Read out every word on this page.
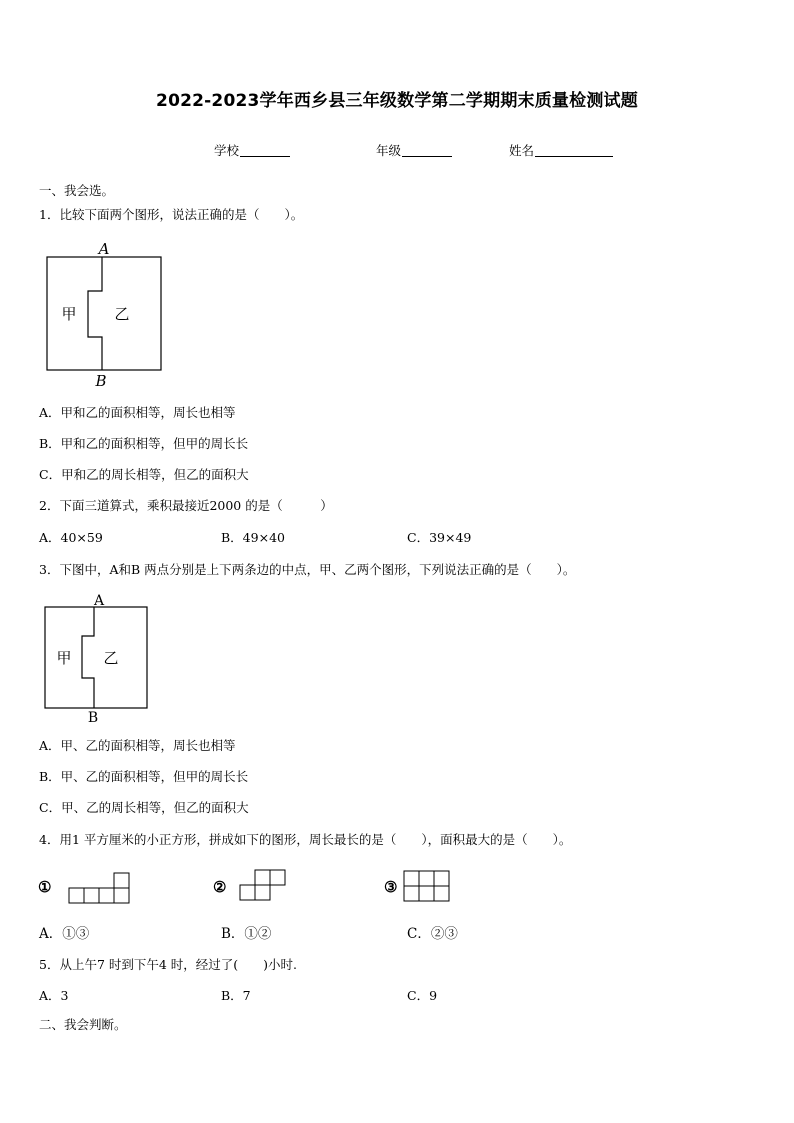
2022-2023学年西乡县三年级数学第二学期期末质量检测试题
学校	年级	姓名
一、我会选。
1．比较下面两个图形，说法正确的是（　　）。
A
B
甲	乙
A．甲和乙的面积相等，周长也相等
B．甲和乙的面积相等，但甲的周长长
C．甲和乙的周长相等，但乙的面积大
2．下面三道算式，乘积最接近2000 的是（　　　）
A．40×59	B．49×40	C．39×49
3．下图中，A和B 两点分别是上下两条边的中点，甲、乙两个图形，下列说法正确的是（　　）。
A
B
甲 乙
A．甲、乙的面积相等，周长也相等
B．甲、乙的面积相等，但甲的周长长
C．甲、乙的周长相等，但乙的面积大
4．用1 平方厘米的小正方形，拼成如下的图形，周长最长的是（　　），面积最大的是（　　）。
①	②	③
A．①③	B．①②	C．②③
5．从上午7 时到下午4 时，经过了(　　)小时.
A．3	B．7	C．9
二、我会判断。
